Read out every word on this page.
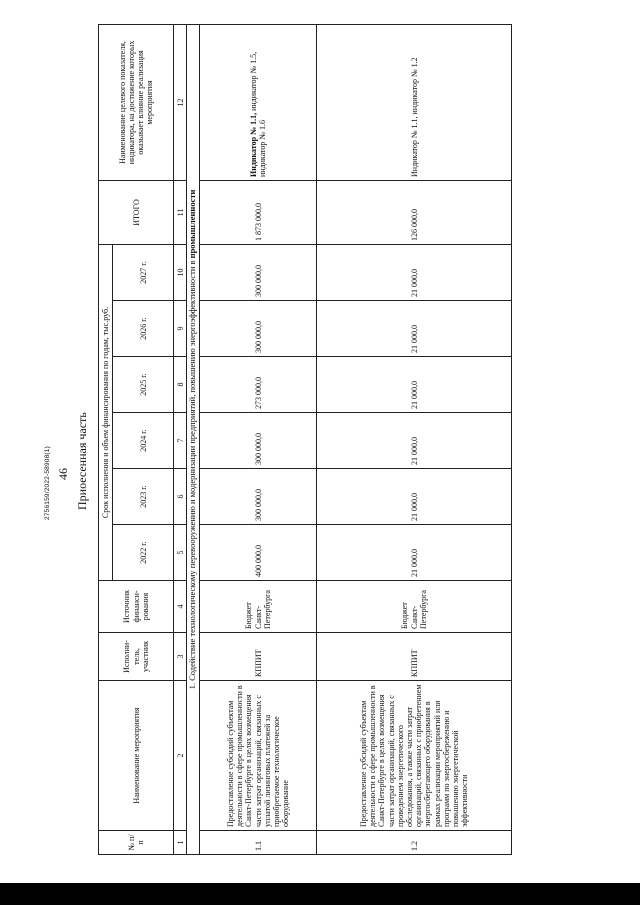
2756159/2022-58908(1) 46 Приоесенная часть
№ п/п	Наименование мероприятия	Исполни-тель, участник	Источник финанси-рования	Срок исполнения и объем финансирования по годам, тыс.руб.						ИТОГО	Наименование целевого показателя, индикатора, на достижение которых оказывает влияние реализация мероприятия
				2022 г.	2023 г.	2024 г.	2025 г.	2026 г.	2027 г.		
1	2	3	4	5	6	7	8	9	10	11	12
1. Содействие технологическому перевооружению и модернизации предприятий, повышению энергоэффективности в промышленности											
1.1	Предоставление субсидий субъектам деятельности в сфере промышленности в Санкт-Петербурге в целях возмещения части затрат организаций, связанных с уплатой лизинговых платежей за приобретаемое технологическое оборудование	КППИТ	Бюджет Санкт-Петербурга	400 000,0	300 000,0	300 000,0	273 000,0	300 000,0	300 000,0	1 873 000,0	Индикатор № 1.1, индикатор № 1.5, индикатор № 1.6
1.2	Предоставление субсидий субъектам деятельности в сфере промышленности в Санкт-Петербурге в целях возмещения части затрат организаций, связанных с проведением энергетического обследования, а также части затрат организаций, связанных с приобретением энергосберегающего оборудования в рамках реализации мероприятий или программ по энергосбережению и повышению энергетической эффективности	КППИТ	Бюджет Санкт-Петербурга	21 000,0	21 000,0	21 000,0	21 000,0	21 000,0	21 000,0	126 000,0	Индикатор № 1.1, индикатор № 1.2
